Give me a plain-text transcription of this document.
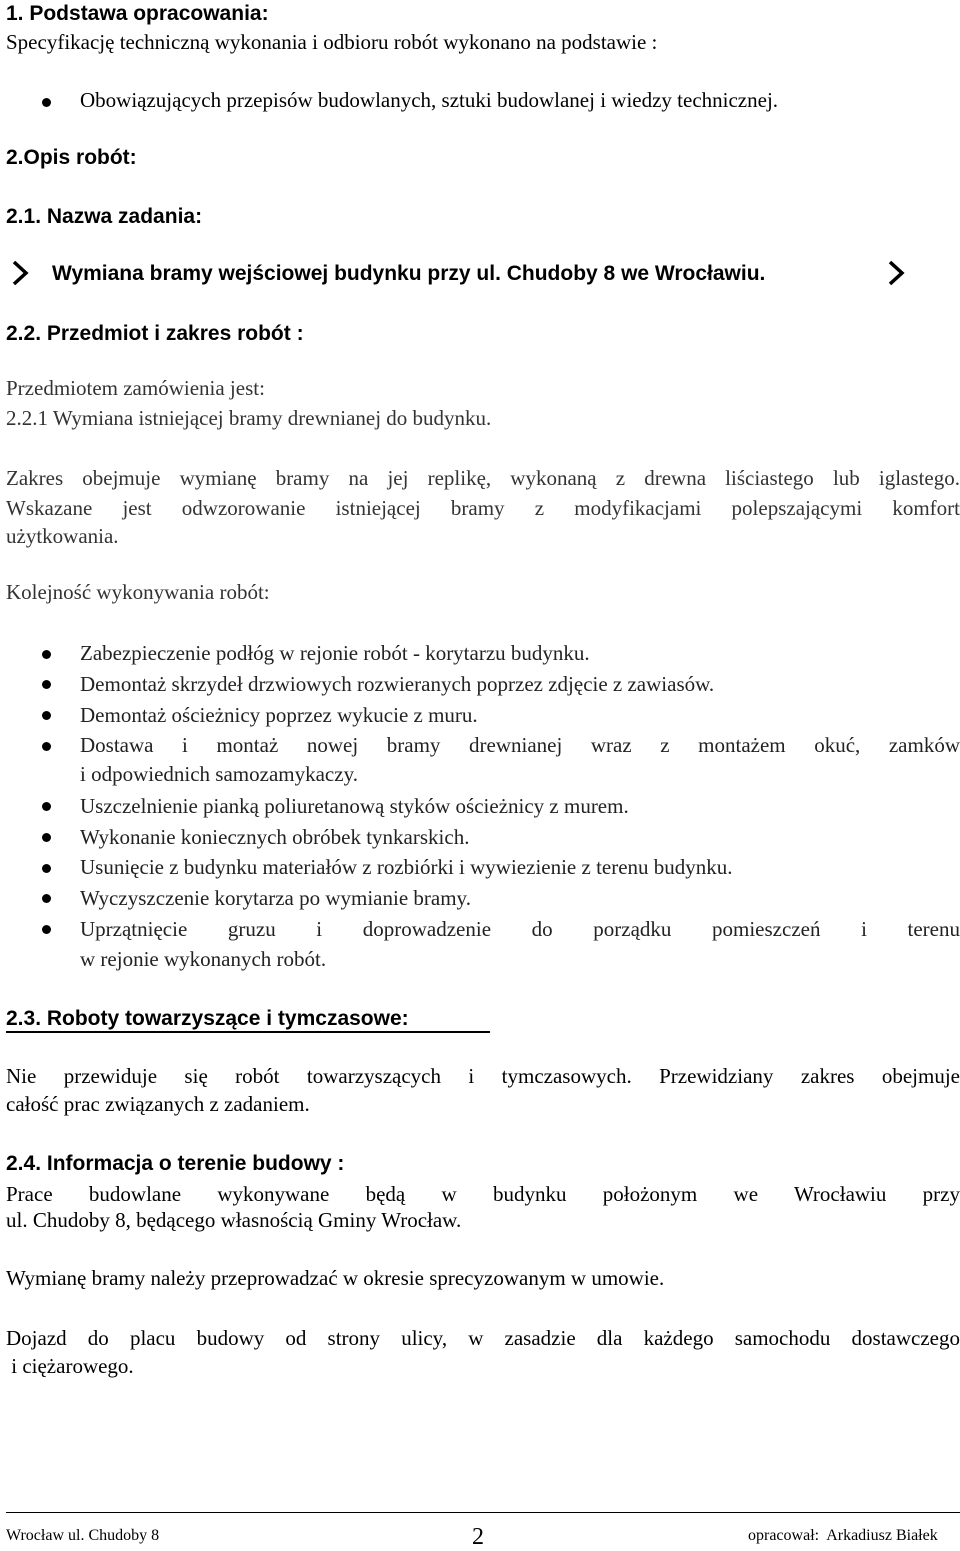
1. Podstawa opracowania:

Specyfikację techniczną wykonania i odbioru robót wykonano na podstawie :

Obowiązujących przepisów budowlanych, sztuki budowlanej i wiedzy technicznej.

2.Opis robót:

2.1. Nazwa zadania:

Wymiana bramy wejściowej budynku przy ul. Chudoby 8 we Wrocławiu.

2.2. Przedmiot i zakres robót :

Przedmiotem zamówienia jest:

2.2.1 Wymiana istniejącej bramy drewnianej do budynku.

Zakres obejmuje wymianę bramy na jej replikę, wykonaną z drewna liściastego lub iglastego.

Wskazane jest odwzorowanie istniejącej bramy z modyfikacjami polepszającymi komfort

użytkowania.

Kolejność wykonywania robót:

Zabezpieczenie podłóg w rejonie robót - korytarzu budynku.

Demontaż skrzydeł drzwiowych rozwieranych poprzez zdjęcie z zawiasów.

Demontaż ościeżnicy poprzez wykucie z muru.

Dostawa i montaż nowej bramy drewnianej wraz z montażem okuć, zamków

i odpowiednich samozamykaczy.

Uszczelnienie pianką poliuretanową styków ościeżnicy z murem.

Wykonanie koniecznych obróbek tynkarskich.

Usunięcie z budynku materiałów z rozbiórki i wywiezienie z terenu budynku.

Wyczyszczenie korytarza po wymianie bramy.

Uprzątnięcie gruzu i doprowadzenie do porządku pomieszczeń i terenu

w rejonie wykonanych robót.

2.3. Roboty towarzyszące i tymczasowe:

Nie przewiduje się robót towarzyszących i tymczasowych. Przewidziany zakres obejmuje

całość prac związanych z zadaniem.

2.4. Informacja o terenie budowy :

Prace budowlane wykonywane będą w budynku położonym we Wrocławiu przy

ul. Chudoby 8, będącego własnością Gminy Wrocław.

Wymianę bramy należy przeprowadzać w okresie sprecyzowanym w umowie.

Dojazd do placu budowy od strony ulicy, w zasadzie dla każdego samochodu dostawczego

i ciężarowego.

Wrocław ul. Chudoby 8	2	opracował:  Arkadiusz Białek
